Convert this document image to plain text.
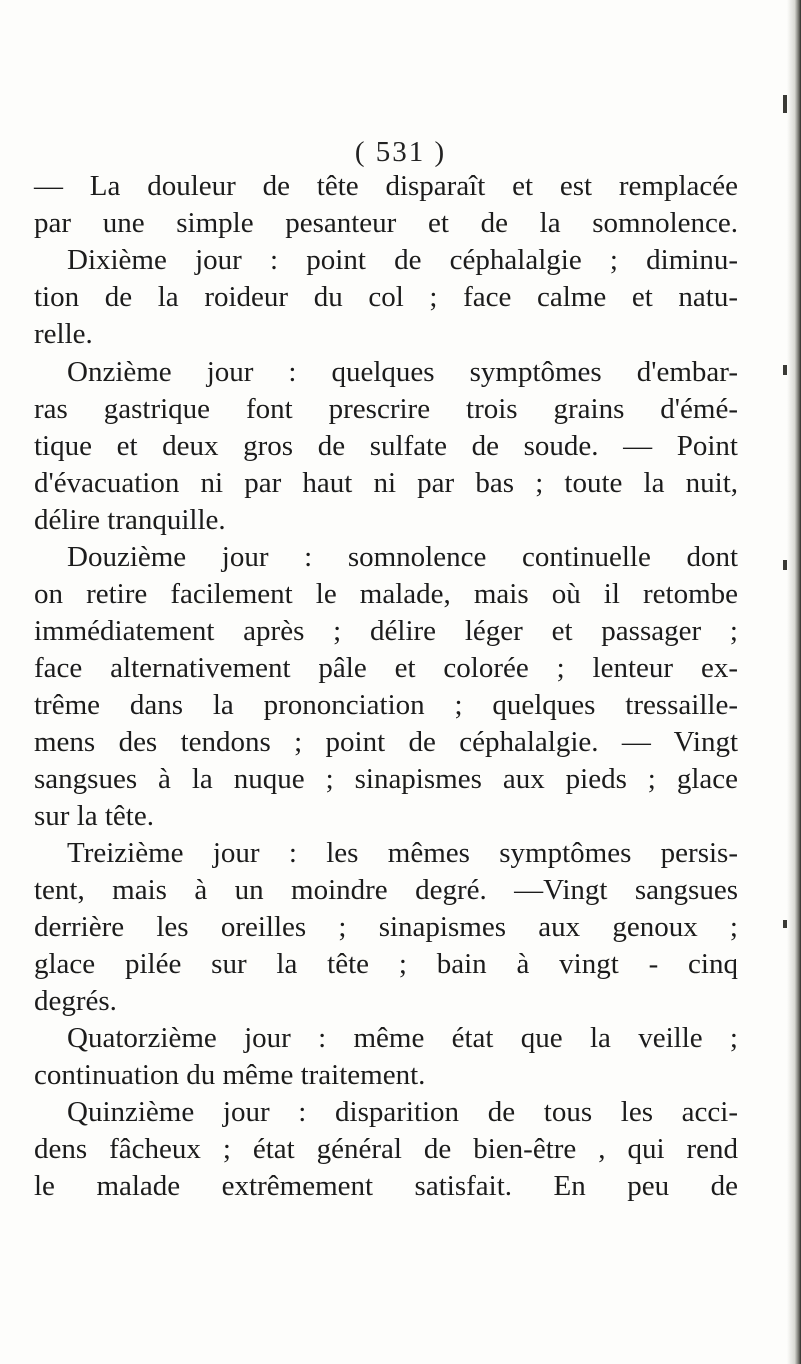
( 531 )
— La douleur de tête disparaît et est remplacée
par une simple pesanteur et de la somnolence.
Dixième jour : point de céphalalgie ; diminu-
tion de la roideur du col ; face calme et natu-
relle.
Onzième jour : quelques symptômes d'embar-
ras gastrique font prescrire trois grains d'émé-
tique et deux gros de sulfate de soude. — Point
d'évacuation ni par haut ni par bas ; toute la nuit,
délire tranquille.
Douzième jour : somnolence continuelle dont
on retire facilement le malade, mais où il retombe
immédiatement après ; délire léger et passager ;
face alternativement pâle et colorée ; lenteur ex-
trême dans la prononciation ; quelques tressaille-
mens des tendons ; point de céphalalgie. — Vingt
sangsues à la nuque ; sinapismes aux pieds ; glace
sur la tête.
Treizième jour : les mêmes symptômes persis-
tent, mais à un moindre degré. —Vingt sangsues
derrière les oreilles ; sinapismes aux genoux ;
glace pilée sur la tête ; bain à vingt - cinq
degrés.
Quatorzième jour : même état que la veille ;
continuation du même traitement.
Quinzième jour : disparition de tous les acci-
dens fâcheux ; état général de bien-être , qui rend
le malade extrêmement satisfait. En peu de
